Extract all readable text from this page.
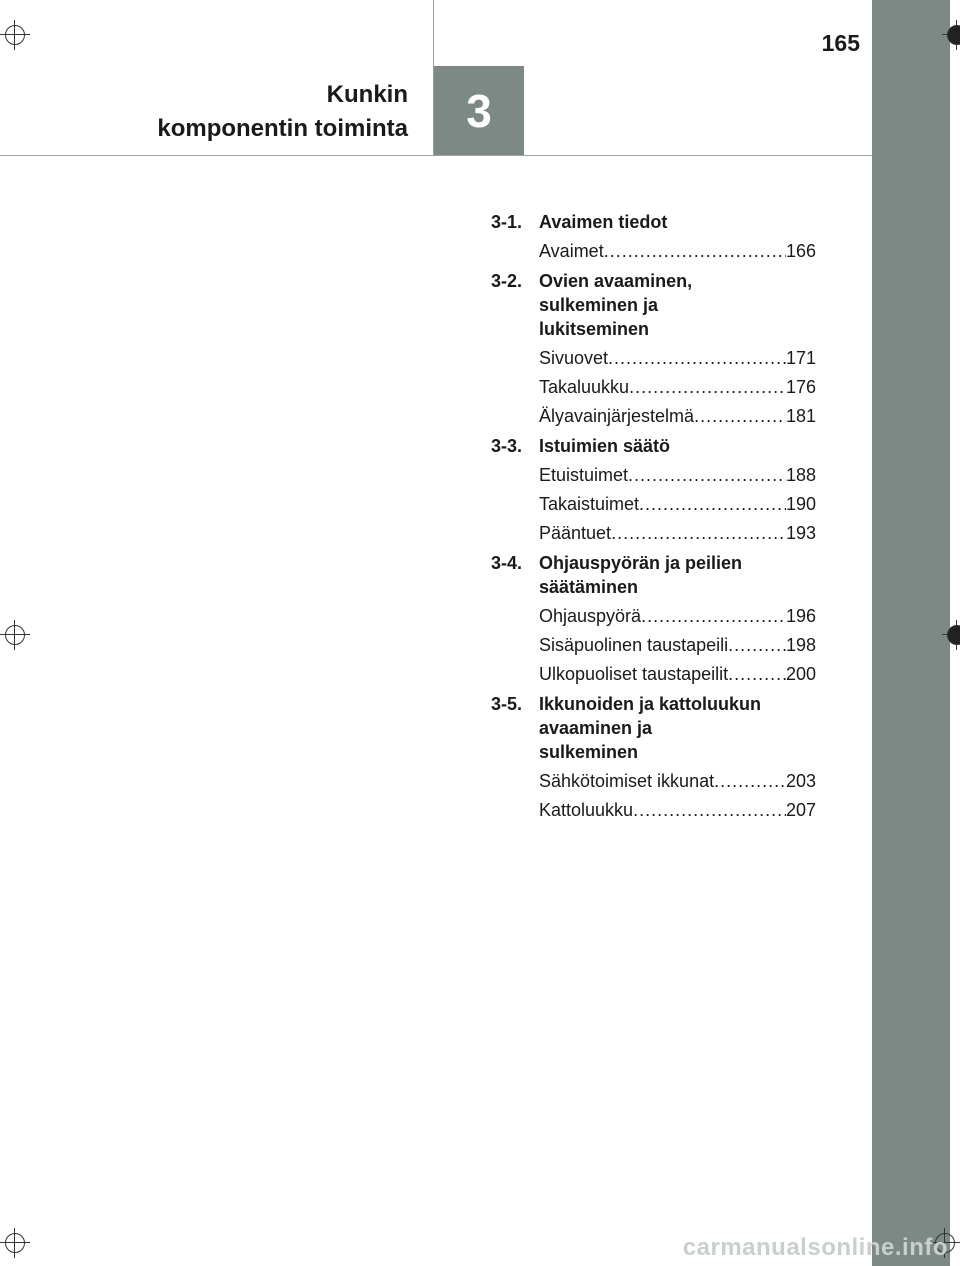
3
165
Kunkin
komponentin toiminta
3-1. Avaimen tiedot
Avaimet .....	166
3-2. Ovien avaaminen,
sulkeminen ja
lukitseminen
Sivuovet .....	171
Takaluukku .....	176
Älyavainjärjestelmä .....	181
3-3. Istuimien säätö
Etuistuimet .....	188
Takaistuimet .....	190
Pääntuet .....	193
3-4. Ohjauspyörän ja peilien
säätäminen
Ohjauspyörä .....	196
Sisäpuolinen taustapeili .....	198
Ulkopuoliset taustapeilit .....	200
3-5. Ikkunoiden ja kattoluukun
avaaminen ja
sulkeminen
Sähkötoimiset ikkunat .....	203
Kattoluukku .....	207
carmanualsonline.info
